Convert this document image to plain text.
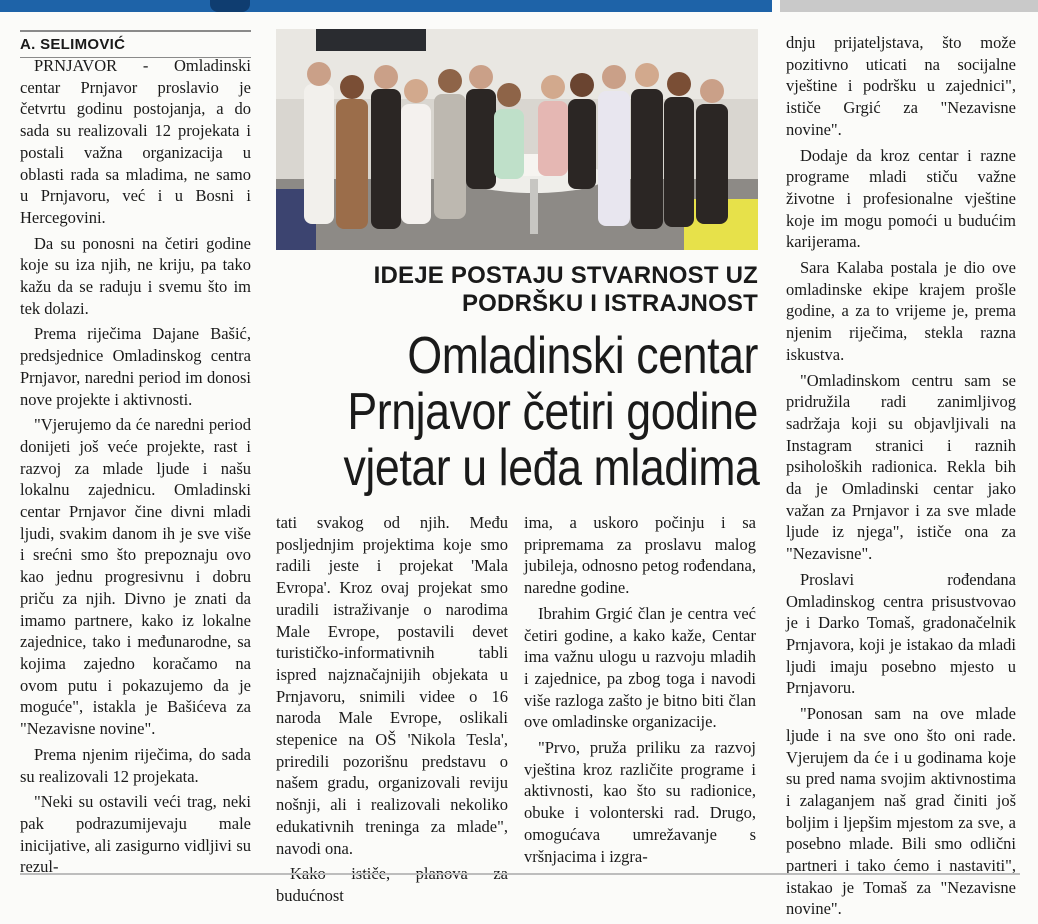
A. SELIMOVIĆ

PRNJAVOR - Omladinski centar Prnjavor proslavio je četvrtu godinu postojanja, a do sada su realizovali 12 projekata i postali važna organizacija u oblasti rada sa mladima, ne samo u Prnjavoru, već i u Bosni i Hercegovini.

Da su ponosni na četiri godine koje su iza njih, ne kriju, pa tako kažu da se raduju i svemu što im tek dolazi.

Prema riječima Dajane Bašić, predsjednice Omladinskog centra Prnjavor, naredni period im donosi nove projekte i aktivnosti.

"Vjerujemo da će naredni period donijeti još veće projekte, rast i razvoj za mlade ljude i našu lokalnu zajednicu. Omladinski centar Prnjavor čine divni mladi ljudi, svakim danom ih je sve više i srećni smo što prepoznaju ovo kao jednu progresivnu i dobru priču za njih. Divno je znati da imamo partnere, kako iz lokalne zajednice, tako i međunarodne, sa kojima zajedno koračamo na ovom putu i pokazujemo da je moguće", istakla je Bašićeva za "Nezavisne novine".

Prema njenim riječima, do sada su realizovali 12 projekata.

"Neki su ostavili veći trag, neki pak podrazumijevaju male inicijative, ali zasigurno vidljivi su rezul-

IDEJE POSTAJU STVARNOST UZ PODRŠKU I ISTRAJNOST
Omladinski centar
Prnjavor četiri godine
vjetar u leđa mladima

tati svakog od njih. Među posljednjim projektima koje smo radili jeste i projekat 'Mala Evropa'. Kroz ovaj projekat smo uradili istraživanje o narodima Male Evrope, postavili devet turističko-informativnih tabli ispred najznačajnijih objekata u Prnjavoru, snimili videe o 16 naroda Male Evrope, oslikali stepenice na OŠ 'Nikola Tesla', priredili pozorišnu predstavu o našem gradu, organizovali reviju nošnji, ali i realizovali nekoliko edukativnih treninga za mlade", navodi ona.

Kako ističe, planova za budućnost

ima, a uskoro počinju i sa pripremama za proslavu malog jubileja, odnosno petog rođendana, naredne godine.

Ibrahim Grgić član je centra već četiri godine, a kako kaže, Centar ima važnu ulogu u razvoju mladih i zajednice, pa zbog toga i navodi više razloga zašto je bitno biti član ove omladinske organizacije.

"Prvo, pruža priliku za razvoj vještina kroz različite programe i aktivnosti, kao što su radionice, obuke i volonterski rad. Drugo, omogućava umrežavanje s vršnjacima i izgra-

dnju prijateljstava, što može pozitivno uticati na socijalne vještine i podršku u zajednici", ističe Grgić za "Nezavisne novine".

Dodaje da kroz centar i razne programe mladi stiču važne životne i profesionalne vještine koje im mogu pomoći u budućim karijerama.

Sara Kalaba postala je dio ove omladinske ekipe krajem prošle godine, a za to vrijeme je, prema njenim riječima, stekla razna iskustva.

"Omladinskom centru sam se pridružila radi zanimljivog sadržaja koji su objavljivali na Instagram stranici i raznih psiholoških radionica. Rekla bih da je Omladinski centar jako važan za Prnjavor i za sve mlade ljude iz njega", ističe ona za "Nezavisne".

Proslavi rođendana Omladinskog centra prisustvovao je i Darko Tomaš, gradonačelnik Prnjavora, koji je istakao da mladi ljudi imaju posebno mjesto u Prnjavoru.

"Ponosan sam na ove mlade ljude i na sve ono što oni rade. Vjerujem da će i u godinama koje su pred nama svojim aktivnostima i zalaganjem naš grad činiti još boljim i ljepšim mjestom za sve, a posebno mlade. Bili smo odlični partneri i tako ćemo i nastaviti", istakao je Tomaš za "Nezavisne novine".
